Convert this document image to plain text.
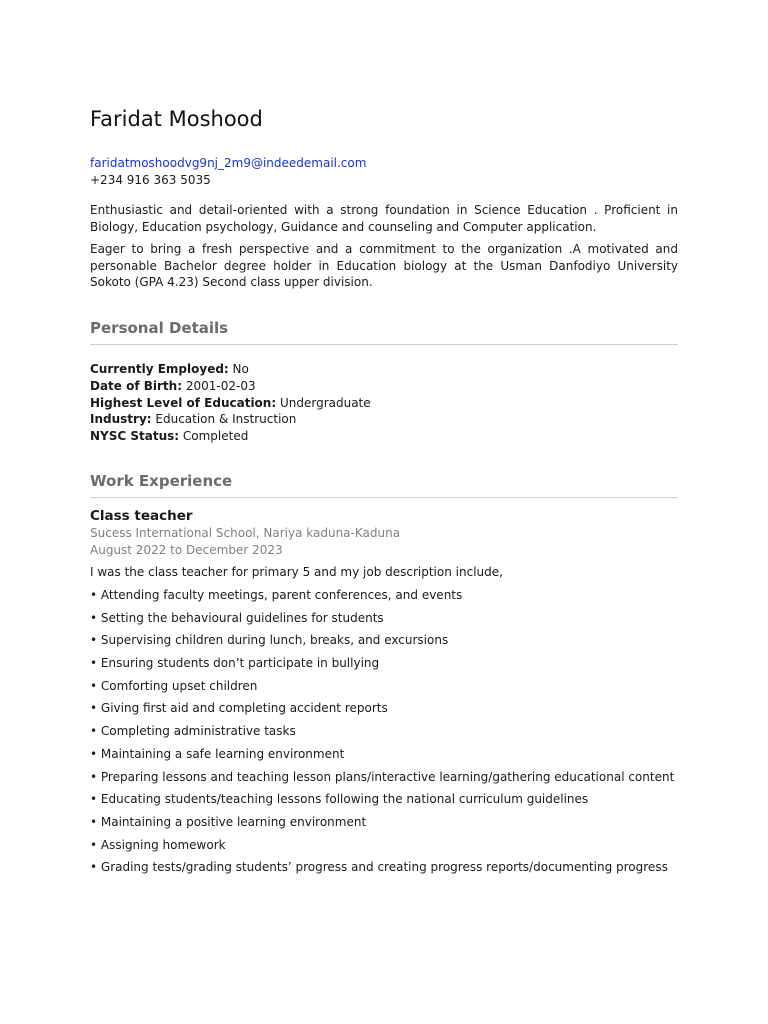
Faridat Moshood
faridatmoshoodvg9nj_2m9@indeedemail.com
+234 916 363 5035

Enthusiastic and detail-oriented with a strong foundation in Science Education . Proficient in Biology, Education psychology, Guidance and counseling and Computer application.

Eager to bring a fresh perspective and a commitment to the organization .A motivated and personable Bachelor degree holder in Education biology at the Usman Danfodiyo University Sokoto (GPA 4.23) Second class upper division.

Personal Details
Currently Employed: No
Date of Birth: 2001-02-03
Highest Level of Education: Undergraduate
Industry: Education & Instruction
NYSC Status: Completed
Work Experience
Class teacher
Sucess International School, Nariya kaduna-Kaduna
August 2022 to December 2023
I was the class teacher for primary 5 and my job description include,
• Attending faculty meetings, parent conferences, and events
• Setting the behavioural guidelines for students
• Supervising children during lunch, breaks, and excursions
• Ensuring students don’t participate in bullying
• Comforting upset children
• Giving first aid and completing accident reports
• Completing administrative tasks
• Maintaining a safe learning environment
• Preparing lessons and teaching lesson plans/interactive learning/gathering educational content
• Educating students/teaching lessons following the national curriculum guidelines
• Maintaining a positive learning environment
• Assigning homework
• Grading tests/grading students’ progress and creating progress reports/documenting progress
